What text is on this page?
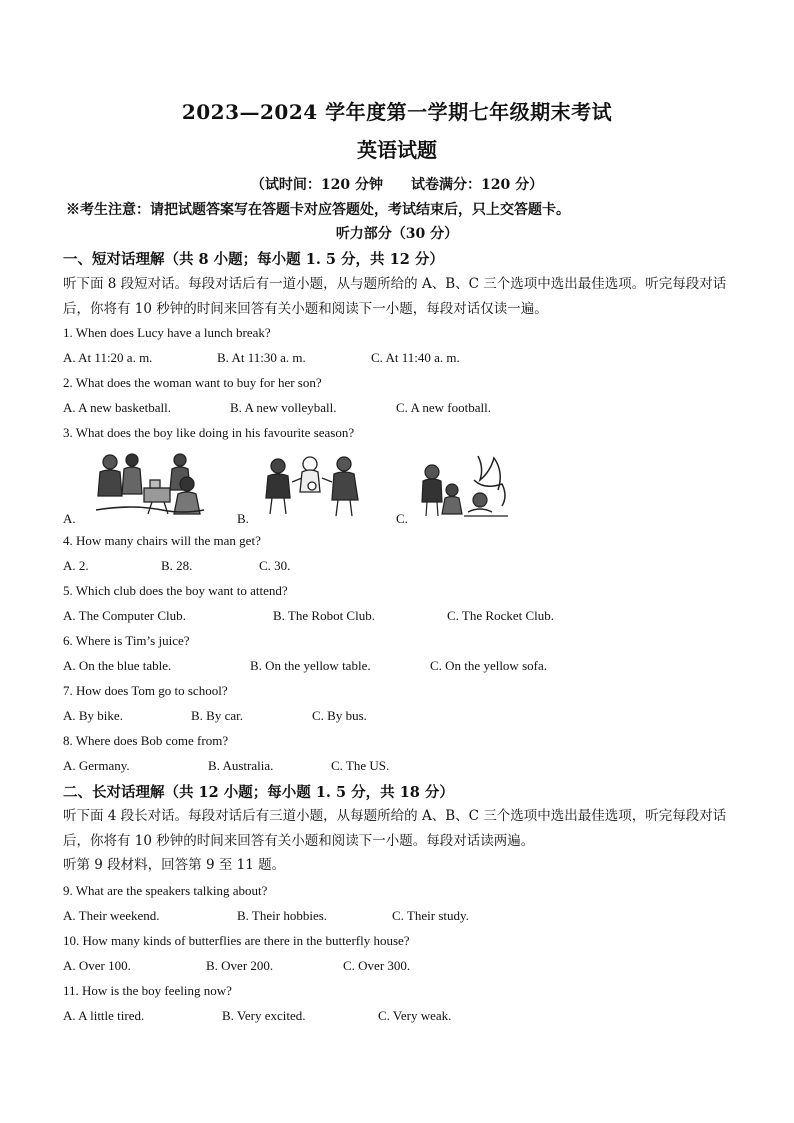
2023—2024 学年度第一学期七年级期末考试
英语试题
（试时间：120 分钟 试卷满分：120 分）
※考生注意：请把试题答案写在答题卡对应答题处，考试结束后，只上交答题卡。
听力部分（30 分）
一、短对话理解（共 8 小题；每小题 1. 5 分，共 12 分）
听下面 8 段短对话。每段对话后有一道小题，从与题所给的 A、B、C 三个选项中选出最佳选项。听完每段对话后，你将有 10 秒钟的时间来回答有关小题和阅读下一小题，每段对话仅读一遍。
1. When does Lucy have a lunch break?
A. At 11:20 a. m.	B. At 11:30 a. m.	C. At 11:40 a. m.
2. What does the woman want to buy for her son?
A. A new basketball.	B. A new volleyball.	C. A new football.
3. What does the boy like doing in his favourite season?
A.	B.	C.
4. How many chairs will the man get?
A. 2.	B. 28.	C. 30.
5. Which club does the boy want to attend?
A. The Computer Club.	B. The Robot Club.	C. The Rocket Club.
6. Where is Tim’s juice?
A. On the blue table.	B. On the yellow table.	C. On the yellow sofa.
7. How does Tom go to school?
A. By bike.	B. By car.	C. By bus.
8. Where does Bob come from?
A. Germany.	B. Australia.	C. The US.
二、长对话理解（共 12 小题；每小题 1. 5 分，共 18 分）
听下面 4 段长对话。每段对话后有三道小题，从每题所给的 A、B、C 三个选项中选出最佳选项，听完每段对话后，你将有 10 秒钟的时间来回答有关小题和阅读下一小题。每段对话读两遍。
听第 9 段材料，回答第 9 至 11 题。
9. What are the speakers talking about?
A. Their weekend.	B. Their hobbies.	C. Their study.
10. How many kinds of butterflies are there in the butterfly house?
A. Over 100.	B. Over 200.	C. Over 300.
11. How is the boy feeling now?
A. A little tired.	B. Very excited.	C. Very weak.
